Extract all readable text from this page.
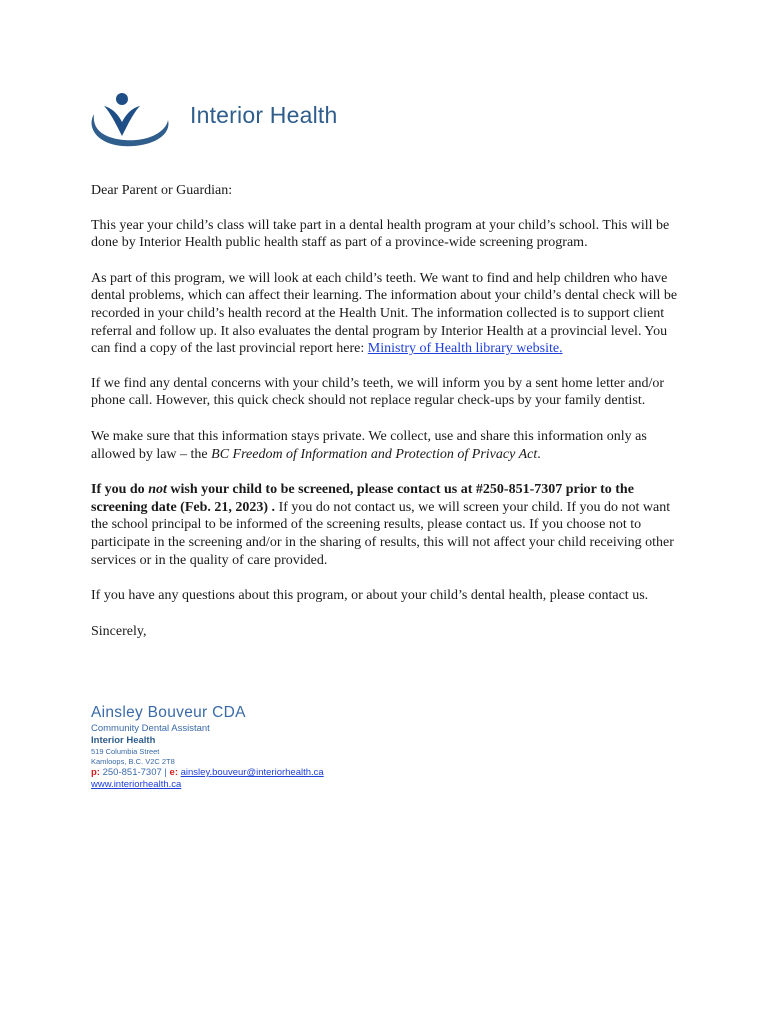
Interior Health

Dear Parent or Guardian:

This year your child’s class will take part in a dental health program at your child’s school. This will be done by Interior Health public health staff as part of a province-wide screening program.

As part of this program, we will look at each child’s teeth. We want to find and help children who have dental problems, which can affect their learning. The information about your child’s dental check will be recorded in your child’s health record at the Health Unit. The information collected is to support client referral and follow up. It also evaluates the dental program by Interior Health at a provincial level. You can find a copy of the last provincial report here: Ministry of Health library website.

If we find any dental concerns with your child’s teeth, we will inform you by a sent home letter and/or phone call. However, this quick check should not replace regular check-ups by your family dentist.

We make sure that this information stays private. We collect, use and share this information only as allowed by law – the BC Freedom of Information and Protection of Privacy Act.

If you do not wish your child to be screened, please contact us at #250-851-7307 prior to the screening date (Feb. 21, 2023) . If you do not contact us, we will screen your child. If you do not want the school principal to be informed of the screening results, please contact us. If you choose not to participate in the screening and/or in the sharing of results, this will not affect your child receiving other services or in the quality of care provided.

If you have any questions about this program, or about your child’s dental health, please contact us.

Sincerely,

Ainsley Bouveur CDA
Community Dental Assistant
Interior Health
519 Columbia Street
Kamloops, B.C. V2C 2T8
p: 250-851-7307 | e: ainsley.bouveur@interiorhealth.ca
www.interiorhealth.ca
